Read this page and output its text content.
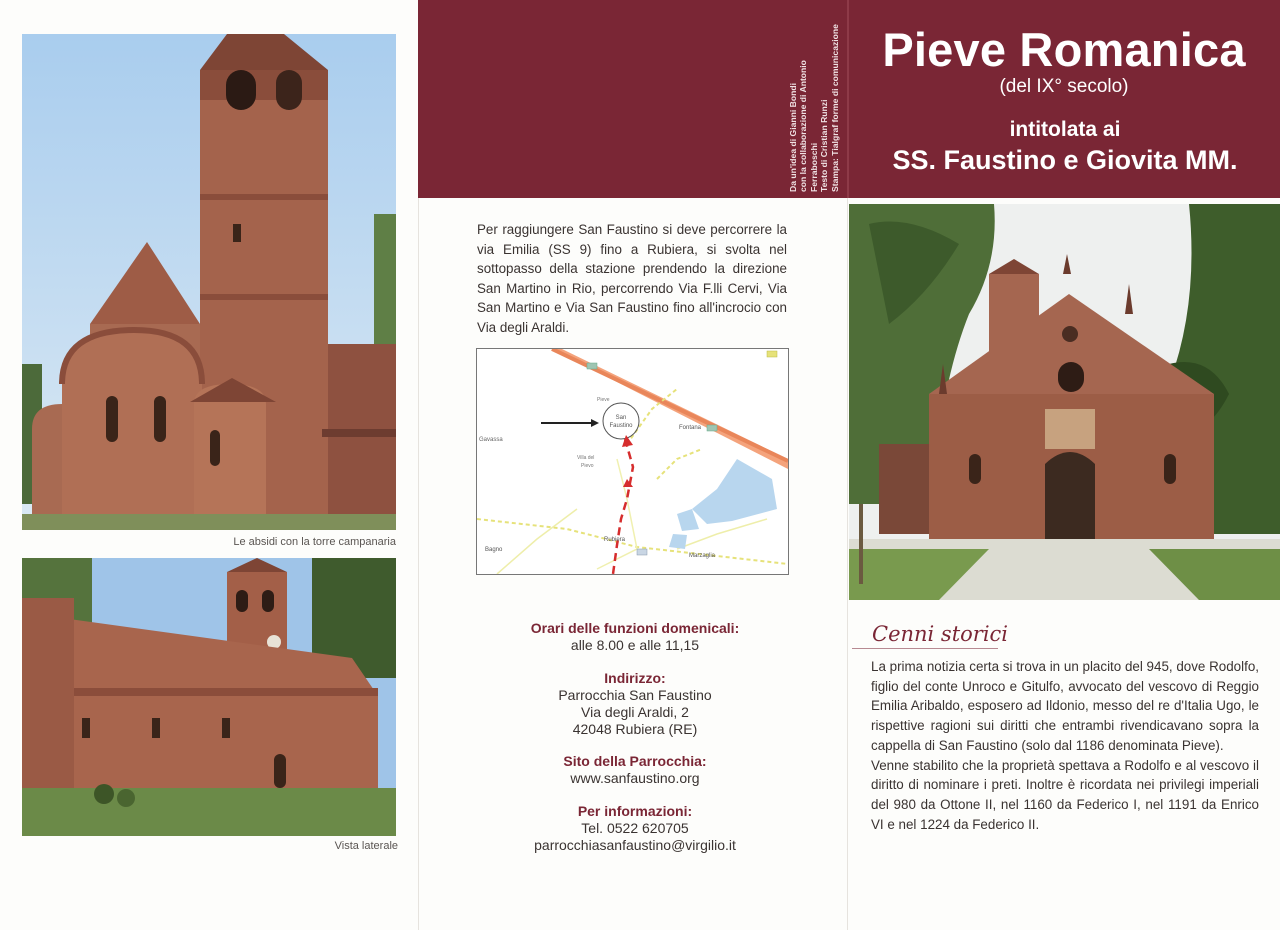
Da un'idea di Gianni Bondi con la collaborazione di Antonio Ferraboschi Testo di Cristian Runzi Stampa: Tialgraf forme di comunicazione Pieve Romanica
(del IX° secolo)
intitolata ai
SS. Faustino e Giovita MM.
Le absidi con la torre campanaria
Vista laterale
Per raggiungere San Faustino si deve percorrere la via Emilia (SS 9) fino a Rubiera, si svolta nel sottopasso della stazione prendendo la direzione San Martino in Rio, percorrendo Via F.lli Cervi, Via San Martino e Via San Faustino fino all'incrocio con Via degli Araldi.
San
Faustino	Fontana
Rubiera
Bagno
Marzaglia
Pieve
Gavassa
Villa del
Pievo
Orari delle funzioni domenicali:
alle 8.00 e alle 11,15
Indirizzo:
Parrocchia San Faustino
Via degli Araldi, 2
42048 Rubiera (RE)
Sito della Parrocchia:
www.sanfaustino.org
Per informazioni:
Tel. 0522 620705
parrocchiasanfaustino@virgilio.it
Cenni storici

La prima notizia certa si trova in un placito del 945, dove Rodolfo, figlio del conte Unroco e Gitulfo, avvocato del vescovo di Reggio Emilia Aribaldo, esposero ad Ildonio, messo del re d'Italia Ugo, le rispettive ragioni sui diritti che entrambi rivendicavano sopra la cappella di San Faustino (solo dal 1186 denominata Pieve).

Venne stabilito che la proprietà spettava a Rodolfo e al vescovo il diritto di nominare i preti. Inoltre è ricordata nei privilegi imperiali del 980 da Ottone II, nel 1160 da Federico I, nel 1191 da Enrico VI e nel 1224 da Federico II.
